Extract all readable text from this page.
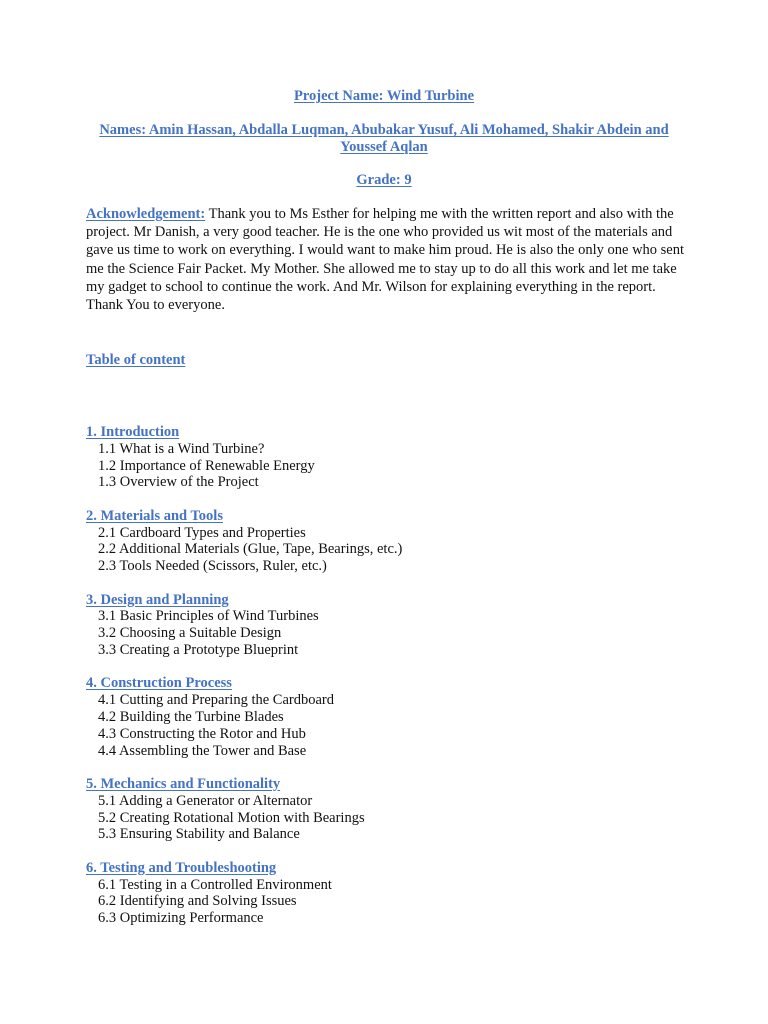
Project Name: Wind Turbine
Names: Amin Hassan, Abdalla Luqman, Abubakar Yusuf, Ali Mohamed, Shakir Abdein and Youssef Aqlan
Grade: 9
Acknowledgement: Thank you to Ms Esther for helping me with the written report and also with the project. Mr Danish, a very good teacher. He is the one who provided us wit most of the materials and gave us time to work on everything. I would want to make him proud. He is also the only one who sent me the Science Fair Packet. My Mother. She allowed me to stay up to do all this work and let me take my gadget to school to continue the work. And Mr. Wilson for explaining everything in the report. Thank You to everyone.
Table of content
1. Introduction
1.1 What is a Wind Turbine?
1.2 Importance of Renewable Energy
1.3 Overview of the Project
2. Materials and Tools
2.1 Cardboard Types and Properties
2.2 Additional Materials (Glue, Tape, Bearings, etc.)
2.3 Tools Needed (Scissors, Ruler, etc.)
3. Design and Planning
3.1 Basic Principles of Wind Turbines
3.2 Choosing a Suitable Design
3.3 Creating a Prototype Blueprint
4. Construction Process
4.1 Cutting and Preparing the Cardboard
4.2 Building the Turbine Blades
4.3 Constructing the Rotor and Hub
4.4 Assembling the Tower and Base
5. Mechanics and Functionality
5.1 Adding a Generator or Alternator
5.2 Creating Rotational Motion with Bearings
5.3 Ensuring Stability and Balance
6. Testing and Troubleshooting
6.1 Testing in a Controlled Environment
6.2 Identifying and Solving Issues
6.3 Optimizing Performance
